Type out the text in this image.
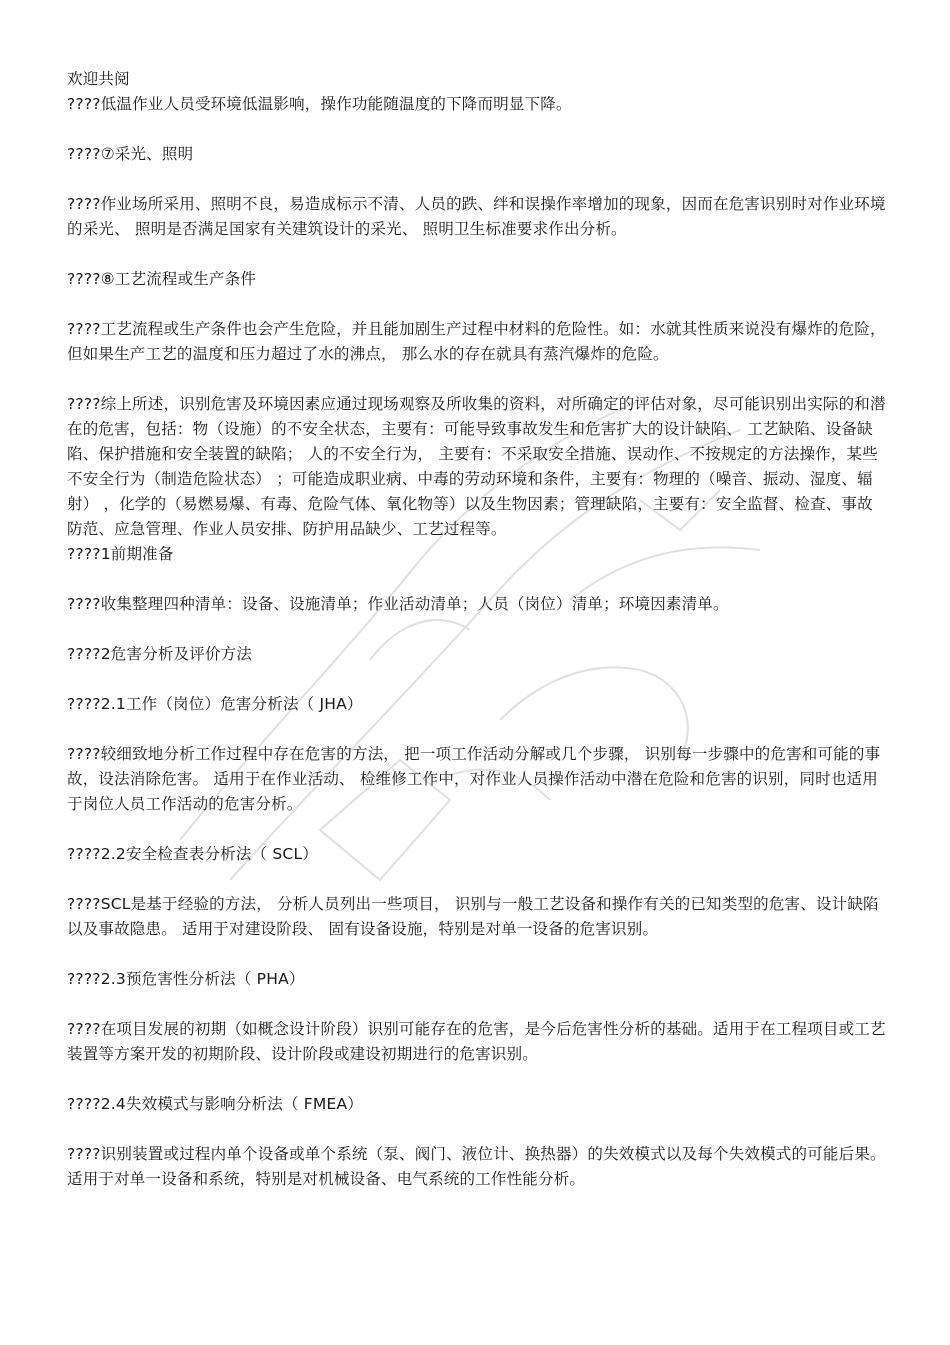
欢迎共阅

????低温作业人员受环境低温影响，操作功能随温度的下降而明显下降。

????⑦采光、照明

????作业场所采用、照明不良，易造成标示不清、人员的跌、绊和误操作率增加的现象，因而在危害识别时对作业环境的采光、 照明是否满足国家有关建筑设计的采光、 照明卫生标准要求作出分析。

????⑧工艺流程或生产条件

????工艺流程或生产条件也会产生危险，并且能加剧生产过程中材料的危险性。如：水就其性质来说没有爆炸的危险， 但如果生产工艺的温度和压力超过了水的沸点， 那么水的存在就具有蒸汽爆炸的危险。

????综上所述，识别危害及环境因素应通过现场观察及所收集的资料，对所确定的评估对象，尽可能识别出实际的和潜在的危害，包括：物（设施）的不安全状态，主要有：可能导致事故发生和危害扩大的设计缺陷、 工艺缺陷、设备缺陷、保护措施和安全装置的缺陷； 人的不安全行为， 主要有：不采取安全措施、误动作、不按规定的方法操作，某些不安全行为（制造危险状态） ；可能造成职业病、中毒的劳动环境和条件，主要有：物理的（噪音、振动、湿度、辐射） ，化学的（易燃易爆、有毒、危险气体、氧化物等）以及生物因素；管理缺陷，主要有：安全监督、检查、事故防范、应急管理、作业人员安排、防护用品缺少、工艺过程等。

????1前期准备

????收集整理四种清单：设备、设施清单；作业活动清单；人员（岗位）清单；环境因素清单。

????2危害分析及评价方法

????2.1工作（岗位）危害分析法（ JHA）

????较细致地分析工作过程中存在危害的方法， 把一项工作活动分解或几个步骤， 识别每一步骤中的危害和可能的事故，设法消除危害。 适用于在作业活动、 检维修工作中，对作业人员操作活动中潜在危险和危害的识别，同时也适用于岗位人员工作活动的危害分析。

????2.2安全检查表分析法（ SCL）

????SCL是基于经验的方法， 分析人员列出一些项目， 识别与一般工艺设备和操作有关的已知类型的危害、设计缺陷以及事故隐患。 适用于对建设阶段、 固有设备设施，特别是对单一设备的危害识别。

????2.3预危害性分析法（ PHA）

????在项目发展的初期（如概念设计阶段）识别可能存在的危害，是今后危害性分析的基础。适用于在工程项目或工艺装置等方案开发的初期阶段、设计阶段或建设初期进行的危害识别。

????2.4失效模式与影响分析法（ FMEA）

????识别装置或过程内单个设备或单个系统（泵、阀门、液位计、换热器）的失效模式以及每个失效模式的可能后果。适用于对单一设备和系统，特别是对机械设备、电气系统的工作性能分析。
